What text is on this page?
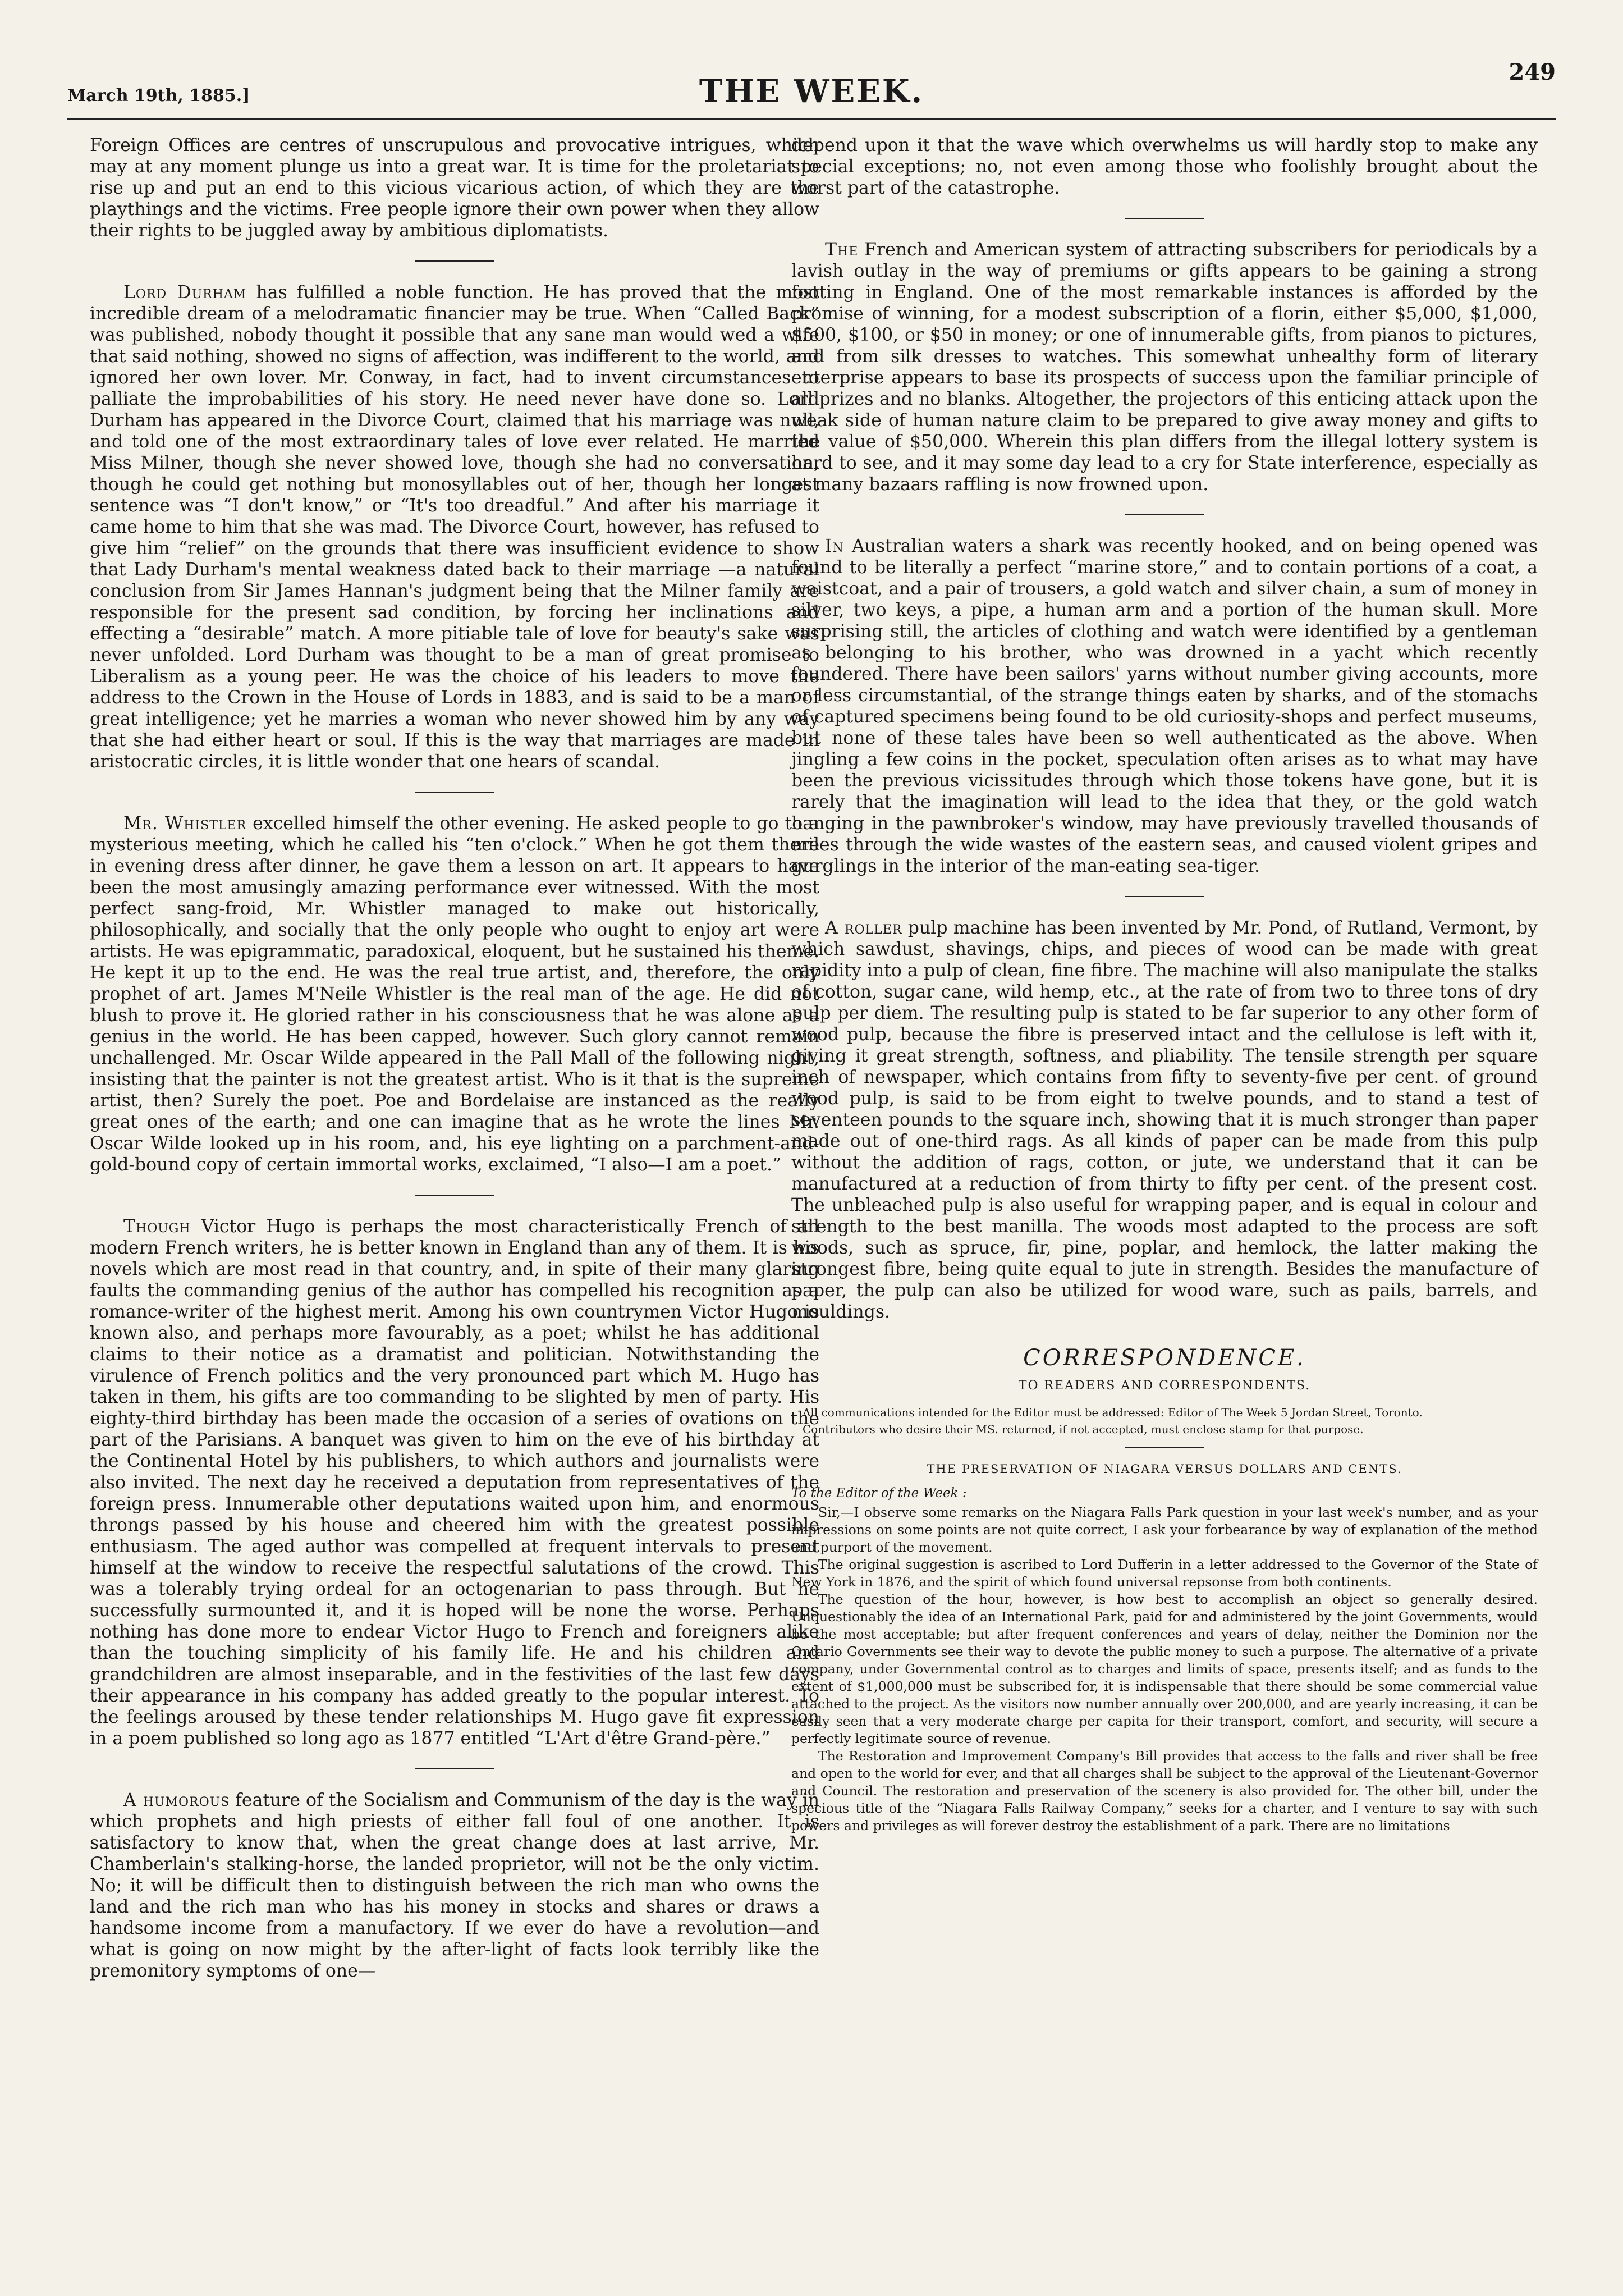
March 19th, 1885.]	THE WEEK.
249

Foreign Offices are centres of unscrupulous and provocative intrigues, which may at any moment plunge us into a great war. It is time for the proletariat to rise up and put an end to this vicious vicarious action, of which they are the playthings and the victims. Free people ignore their own power when they allow their rights to be juggled away by ambitious diplomatists.

Lord Durham has fulfilled a noble function. He has proved that the most incredible dream of a melodramatic financier may be true. When “Called Back” was published, nobody thought it possible that any sane man would wed a wife that said nothing, showed no signs of affection, was indifferent to the world, and ignored her own lover. Mr. Conway, in fact, had to invent circumstances to palliate the improbabilities of his story. He need never have done so. Lord Durham has appeared in the Divorce Court, claimed that his marriage was null, and told one of the most extraordinary tales of love ever related. He married Miss Milner, though she never showed love, though she had no conversation, though he could get nothing but monosyllables out of her, though her longest sentence was “I don't know,” or “It's too dreadful.” And after his marriage it came home to him that she was mad. The Divorce Court, however, has refused to give him “relief” on the grounds that there was insufficient evidence to show that Lady Durham's mental weakness dated back to their marriage —a natural conclusion from Sir James Hannan's judgment being that the Milner family are responsible for the present sad condition, by forcing her inclinations and effecting a “desirable” match. A more pitiable tale of love for beauty's sake was never unfolded. Lord Durham was thought to be a man of great promise to Liberalism as a young peer. He was the choice of his leaders to move the address to the Crown in the House of Lords in 1883, and is said to be a man of great intelligence; yet he marries a woman who never showed him by any way that she had either heart or soul. If this is the way that marriages are made in aristocratic circles, it is little wonder that one hears of scandal.

Mr. Whistler excelled himself the other evening. He asked people to go to a mysterious meeting, which he called his “ten o'clock.” When he got them there in evening dress after dinner, he gave them a lesson on art. It appears to have been the most amusingly amazing performance ever witnessed. With the most perfect sang-froid, Mr. Whistler managed to make out historically, philosophically, and socially that the only people who ought to enjoy art were artists. He was epigrammatic, paradoxical, eloquent, but he sustained his theme. He kept it up to the end. He was the real true artist, and, therefore, the only prophet of art. James M'Neile Whistler is the real man of the age. He did not blush to prove it. He gloried rather in his consciousness that he was alone as a genius in the world. He has been capped, however. Such glory cannot remain unchallenged. Mr. Oscar Wilde appeared in the Pall Mall of the following night, insisting that the painter is not the greatest artist. Who is it that is the supreme artist, then? Surely the poet. Poe and Bordelaise are instanced as the really great ones of the earth; and one can imagine that as he wrote the lines Mr. Oscar Wilde looked up in his room, and, his eye lighting on a parchment-and-gold-bound copy of certain immortal works, exclaimed, “I also—I am a poet.”

Though Victor Hugo is perhaps the most characteristically French of all modern French writers, he is better known in England than any of them. It is his novels which are most read in that country, and, in spite of their many glaring faults the commanding genius of the author has compelled his recognition as a romance-writer of the highest merit. Among his own countrymen Victor Hugo is known also, and perhaps more favourably, as a poet; whilst he has additional claims to their notice as a dramatist and politician. Notwithstanding the virulence of French politics and the very pronounced part which M. Hugo has taken in them, his gifts are too commanding to be slighted by men of party. His eighty-third birthday has been made the occasion of a series of ovations on the part of the Parisians. A banquet was given to him on the eve of his birthday at the Continental Hotel by his publishers, to which authors and journalists were also invited. The next day he received a deputation from representatives of the foreign press. Innumerable other deputations waited upon him, and enormous throngs passed by his house and cheered him with the greatest possible enthusiasm. The aged author was compelled at frequent intervals to present himself at the window to receive the respectful salutations of the crowd. This was a tolerably trying ordeal for an octogenarian to pass through. But he successfully surmounted it, and it is hoped will be none the worse. Perhaps nothing has done more to endear Victor Hugo to French and foreigners alike than the touching simplicity of his family life. He and his children and grandchildren are almost inseparable, and in the festivities of the last few days their appearance in his company has added greatly to the popular interest. To the feelings aroused by these tender relationships M. Hugo gave fit expression in a poem published so long ago as 1877 entitled “L'Art d'être Grand-père.”

A humorous feature of the Socialism and Communism of the day is the way in which prophets and high priests of either fall foul of one another. It is satisfactory to know that, when the great change does at last arrive, Mr. Chamberlain's stalking-horse, the landed proprietor, will not be the only victim. No; it will be difficult then to distinguish between the rich man who owns the land and the rich man who has his money in stocks and shares or draws a handsome income from a manufactory. If we ever do have a revolution—and what is going on now might by the after-light of facts look terribly like the premonitory symptoms of one—

depend upon it that the wave which overwhelms us will hardly stop to make any special exceptions; no, not even among those who foolishly brought about the worst part of the catastrophe.

The French and American system of attracting subscribers for periodicals by a lavish outlay in the way of premiums or gifts appears to be gaining a strong footing in England. One of the most remarkable instances is afforded by the promise of winning, for a modest subscription of a florin, either $5,000, $1,000, $500, $100, or $50 in money; or one of innumerable gifts, from pianos to pictures, and from silk dresses to watches. This somewhat unhealthy form of literary enterprise appears to base its prospects of success upon the familiar principle of all prizes and no blanks. Altogether, the projectors of this enticing attack upon the weak side of human nature claim to be prepared to give away money and gifts to the value of $50,000. Wherein this plan differs from the illegal lottery system is hard to see, and it may some day lead to a cry for State interference, especially as at many bazaars raffling is now frowned upon.

In Australian waters a shark was recently hooked, and on being opened was found to be literally a perfect “marine store,” and to contain portions of a coat, a waistcoat, and a pair of trousers, a gold watch and silver chain, a sum of money in silver, two keys, a pipe, a human arm and a portion of the human skull. More surprising still, the articles of clothing and watch were identified by a gentleman as belonging to his brother, who was drowned in a yacht which recently foundered. There have been sailors' yarns without number giving accounts, more or less circumstantial, of the strange things eaten by sharks, and of the stomachs of captured specimens being found to be old curiosity-shops and perfect museums, but none of these tales have been so well authenticated as the above. When jingling a few coins in the pocket, speculation often arises as to what may have been the previous vicissitudes through which those tokens have gone, but it is rarely that the imagination will lead to the idea that they, or the gold watch hanging in the pawnbroker's window, may have previously travelled thousands of miles through the wide wastes of the eastern seas, and caused violent gripes and gurglings in the interior of the man-eating sea-tiger.

A roller pulp machine has been invented by Mr. Pond, of Rutland, Vermont, by which sawdust, shavings, chips, and pieces of wood can be made with great rapidity into a pulp of clean, fine fibre. The machine will also manipulate the stalks of cotton, sugar cane, wild hemp, etc., at the rate of from two to three tons of dry pulp per diem. The resulting pulp is stated to be far superior to any other form of wood pulp, because the fibre is preserved intact and the cellulose is left with it, giving it great strength, softness, and pliability. The tensile strength per square inch of newspaper, which contains from fifty to seventy-five per cent. of ground wood pulp, is said to be from eight to twelve pounds, and to stand a test of seventeen pounds to the square inch, showing that it is much stronger than paper made out of one-third rags. As all kinds of paper can be made from this pulp without the addition of rags, cotton, or jute, we understand that it can be manufactured at a reduction of from thirty to fifty per cent. of the present cost. The unbleached pulp is also useful for wrapping paper, and is equal in colour and strength to the best manilla. The woods most adapted to the process are soft woods, such as spruce, fir, pine, poplar, and hemlock, the latter making the strongest fibre, being quite equal to jute in strength. Besides the manufacture of paper, the pulp can also be utilized for wood ware, such as pails, barrels, and mouldings.

CORRESPONDENCE.
TO READERS AND CORRESPONDENTS.
All communications intended for the Editor must be addressed: Editor of The Week 5 Jordan Street, Toronto.
Contributors who desire their MS. returned, if not accepted, must enclose stamp for that purpose.
THE PRESERVATION OF NIAGARA VERSUS DOLLARS AND CENTS.
To the Editor of the Week :

Sir,—I observe some remarks on the Niagara Falls Park question in your last week's number, and as your impressions on some points are not quite correct, I ask your forbearance by way of explanation of the method and purport of the movement.

The original suggestion is ascribed to Lord Dufferin in a letter addressed to the Governor of the State of New York in 1876, and the spirit of which found universal repsonse from both continents.

The question of the hour, however, is how best to accomplish an object so generally desired. Unquestionably the idea of an International Park, paid for and administered by the joint Governments, would be the most acceptable; but after frequent conferences and years of delay, neither the Dominion nor the Ontario Governments see their way to devote the public money to such a purpose. The alternative of a private company, under Governmental control as to charges and limits of space, presents itself; and as funds to the extent of $1,000,000 must be subscribed for, it is indispensable that there should be some commercial value attached to the project. As the visitors now number annually over 200,000, and are yearly increasing, it can be easily seen that a very moderate charge per capita for their transport, comfort, and security, will secure a perfectly legitimate source of revenue.

The Restoration and Improvement Company's Bill provides that access to the falls and river shall be free and open to the world for ever, and that all charges shall be subject to the approval of the Lieutenant-Governor and Council. The restoration and preservation of the scenery is also provided for. The other bill, under the specious title of the “Niagara Falls Railway Company,” seeks for a charter, and I venture to say with such powers and privileges as will forever destroy the establishment of a park. There are no limitations
